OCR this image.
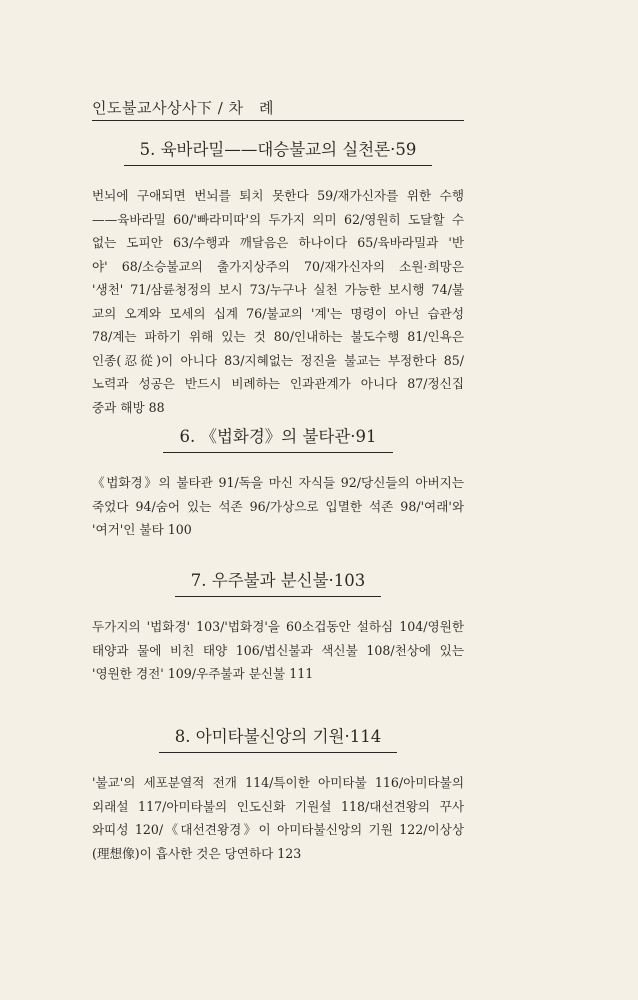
인도불교사상사下 / 차　례
5. 육바라밀——대승불교의 실천론·59
번뇌에 구애되면 번뇌를 퇴치 못한다 59/재가신자를 위한 수행
——육바라밀 60/'빠라미따'의 두가지 의미 62/영원히 도달할 수
없는 도피안 63/수행과 깨달음은 하나이다 65/육바라밀과 '반
야' 68/소승불교의 출가지상주의 70/재가신자의 소원·희망은
'생천' 71/삼륜청정의 보시 73/누구나 실천 가능한 보시행 74/불
교의 오계와 모세의 십계 76/불교의 '계'는 명령이 아닌 습관성
78/계는 파하기 위해 있는 것 80/인내하는 불도수행 81/인욕은
인종(忍從)이 아니다 83/지혜없는 정진을 불교는 부정한다 85/
노력과 성공은 반드시 비례하는 인과관계가 아니다 87/정신집
중과 해방 88
6. 《법화경》의 불타관·91
《법화경》의 불타관 91/독을 마신 자식들 92/당신들의 아버지는
죽었다 94/숨어 있는 석존 96/가상으로 입멸한 석존 98/'여래'와
'여거'인 불타 100
7. 우주불과 분신불·103
두가지의 '법화경' 103/'법화경'을 60소겁동안 설하심 104/영원한
태양과 물에 비친 태양 106/법신불과 색신불 108/천상에 있는
'영원한 경전' 109/우주불과 분신불 111
8. 아미타불신앙의 기원·114
'불교'의 세포분열적 전개 114/특이한 아미타불 116/아미타불의
외래설 117/아미타불의 인도신화 기원설 118/대선견왕의 꾸사
와띠성 120/《대선견왕경》이 아미타불신앙의 기원 122/이상상
(理想像)이 흡사한 것은 당연하다 123
